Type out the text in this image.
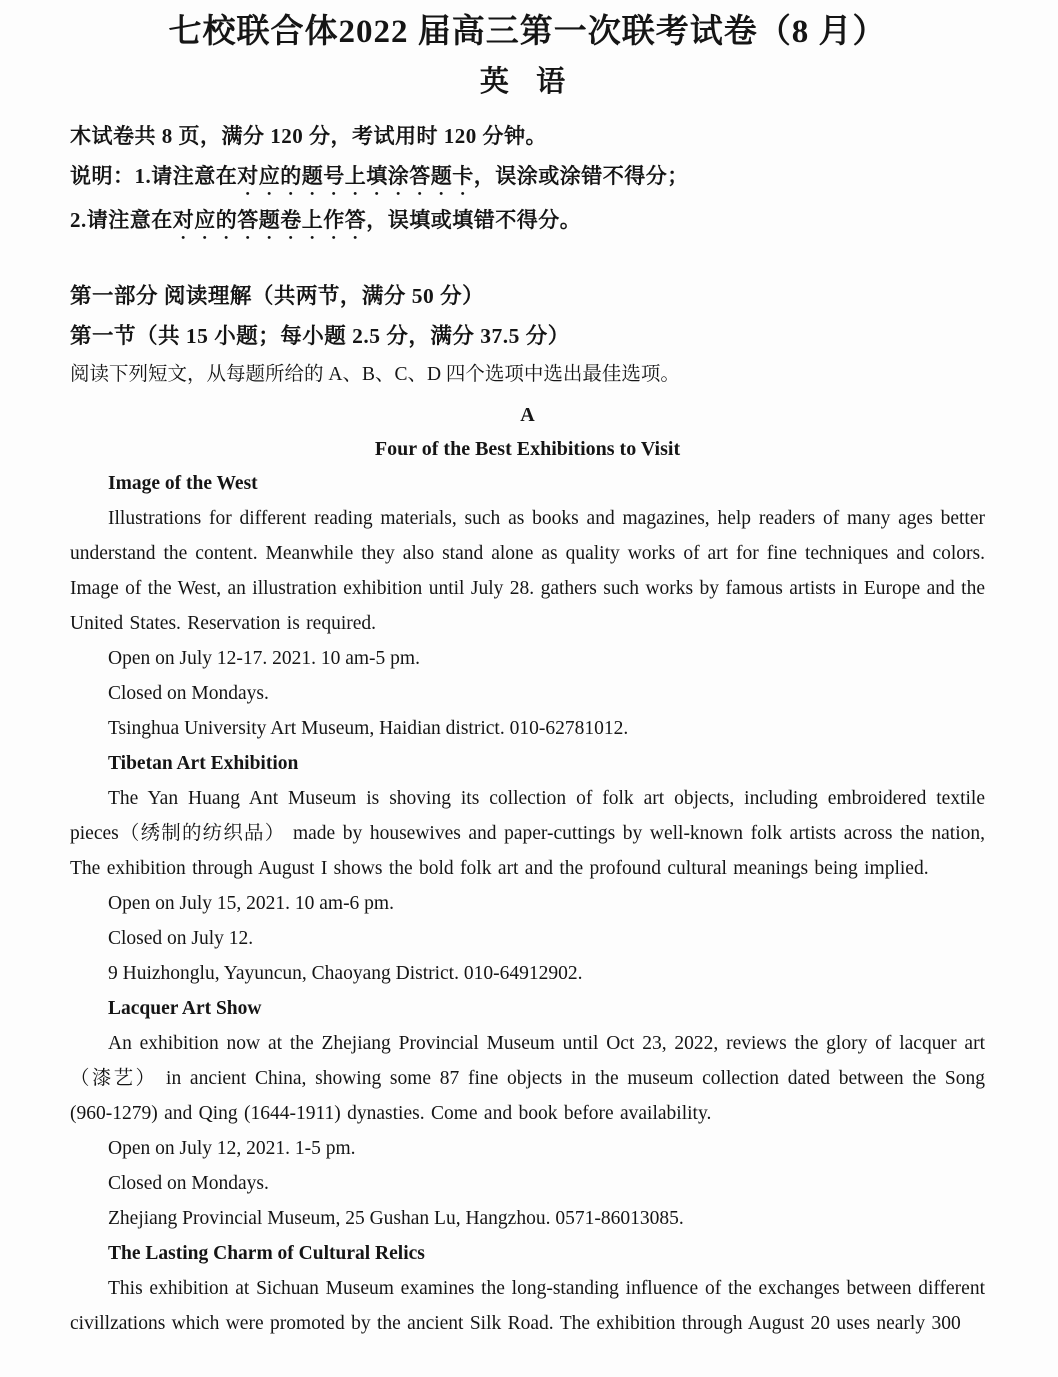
七校联合体2022 届高三第一次联考试卷（8 月）
英 语
木试卷共 8 页，满分 120 分，考试用时 120 分钟。
说明：1.请注意在对应的题号上填涂答题卡，误涂或涂错不得分；
2.请注意在对应的答题卷上作答，误填或填错不得分。
第一部分 阅读理解（共两节，满分 50 分）
第一节（共 15 小题；每小题 2.5 分，满分 37.5 分）
阅读下列短文，从每题所给的 A、B、C、D 四个选项中选出最佳选项。
A
Four of the Best Exhibitions to Visit
Image of the West
Illustrations for different reading materials, such as books and magazines, help readers of many ages better understand the content. Meanwhile they also stand alone as quality works of art for fine techniques and colors. Image of the West, an illustration exhibition until July 28. gathers such works by famous artists in Europe and the United States. Reservation is required.
Open on July 12-17. 2021. 10 am-5 pm.
Closed on Mondays.
Tsinghua University Art Museum, Haidian district. 010-62781012.
Tibetan Art Exhibition
The Yan Huang Ant Museum is shoving its collection of folk art objects, including embroidered textile pieces（绣制的纺织品） made by housewives and paper-cuttings by well-known folk artists across the nation, The exhibition through August I shows the bold folk art and the profound cultural meanings being implied.
Open on July 15, 2021. 10 am-6 pm.
Closed on July 12.
9 Huizhonglu, Yayuncun, Chaoyang District. 010-64912902.
Lacquer Art Show
An exhibition now at the Zhejiang Provincial Museum until Oct 23, 2022, reviews the glory of lacquer art（漆艺） in ancient China, showing some 87 fine objects in the museum collection dated between the Song (960-1279) and Qing (1644-1911) dynasties. Come and book before availability.
Open on July 12, 2021. 1-5 pm.
Closed on Mondays.
Zhejiang Provincial Museum, 25 Gushan Lu, Hangzhou. 0571-86013085.
The Lasting Charm of Cultural Relics
This exhibition at Sichuan Museum examines the long-standing influence of the exchanges between different civillzations which were promoted by the ancient Silk Road. The exhibition through August 20 uses nearly 300
